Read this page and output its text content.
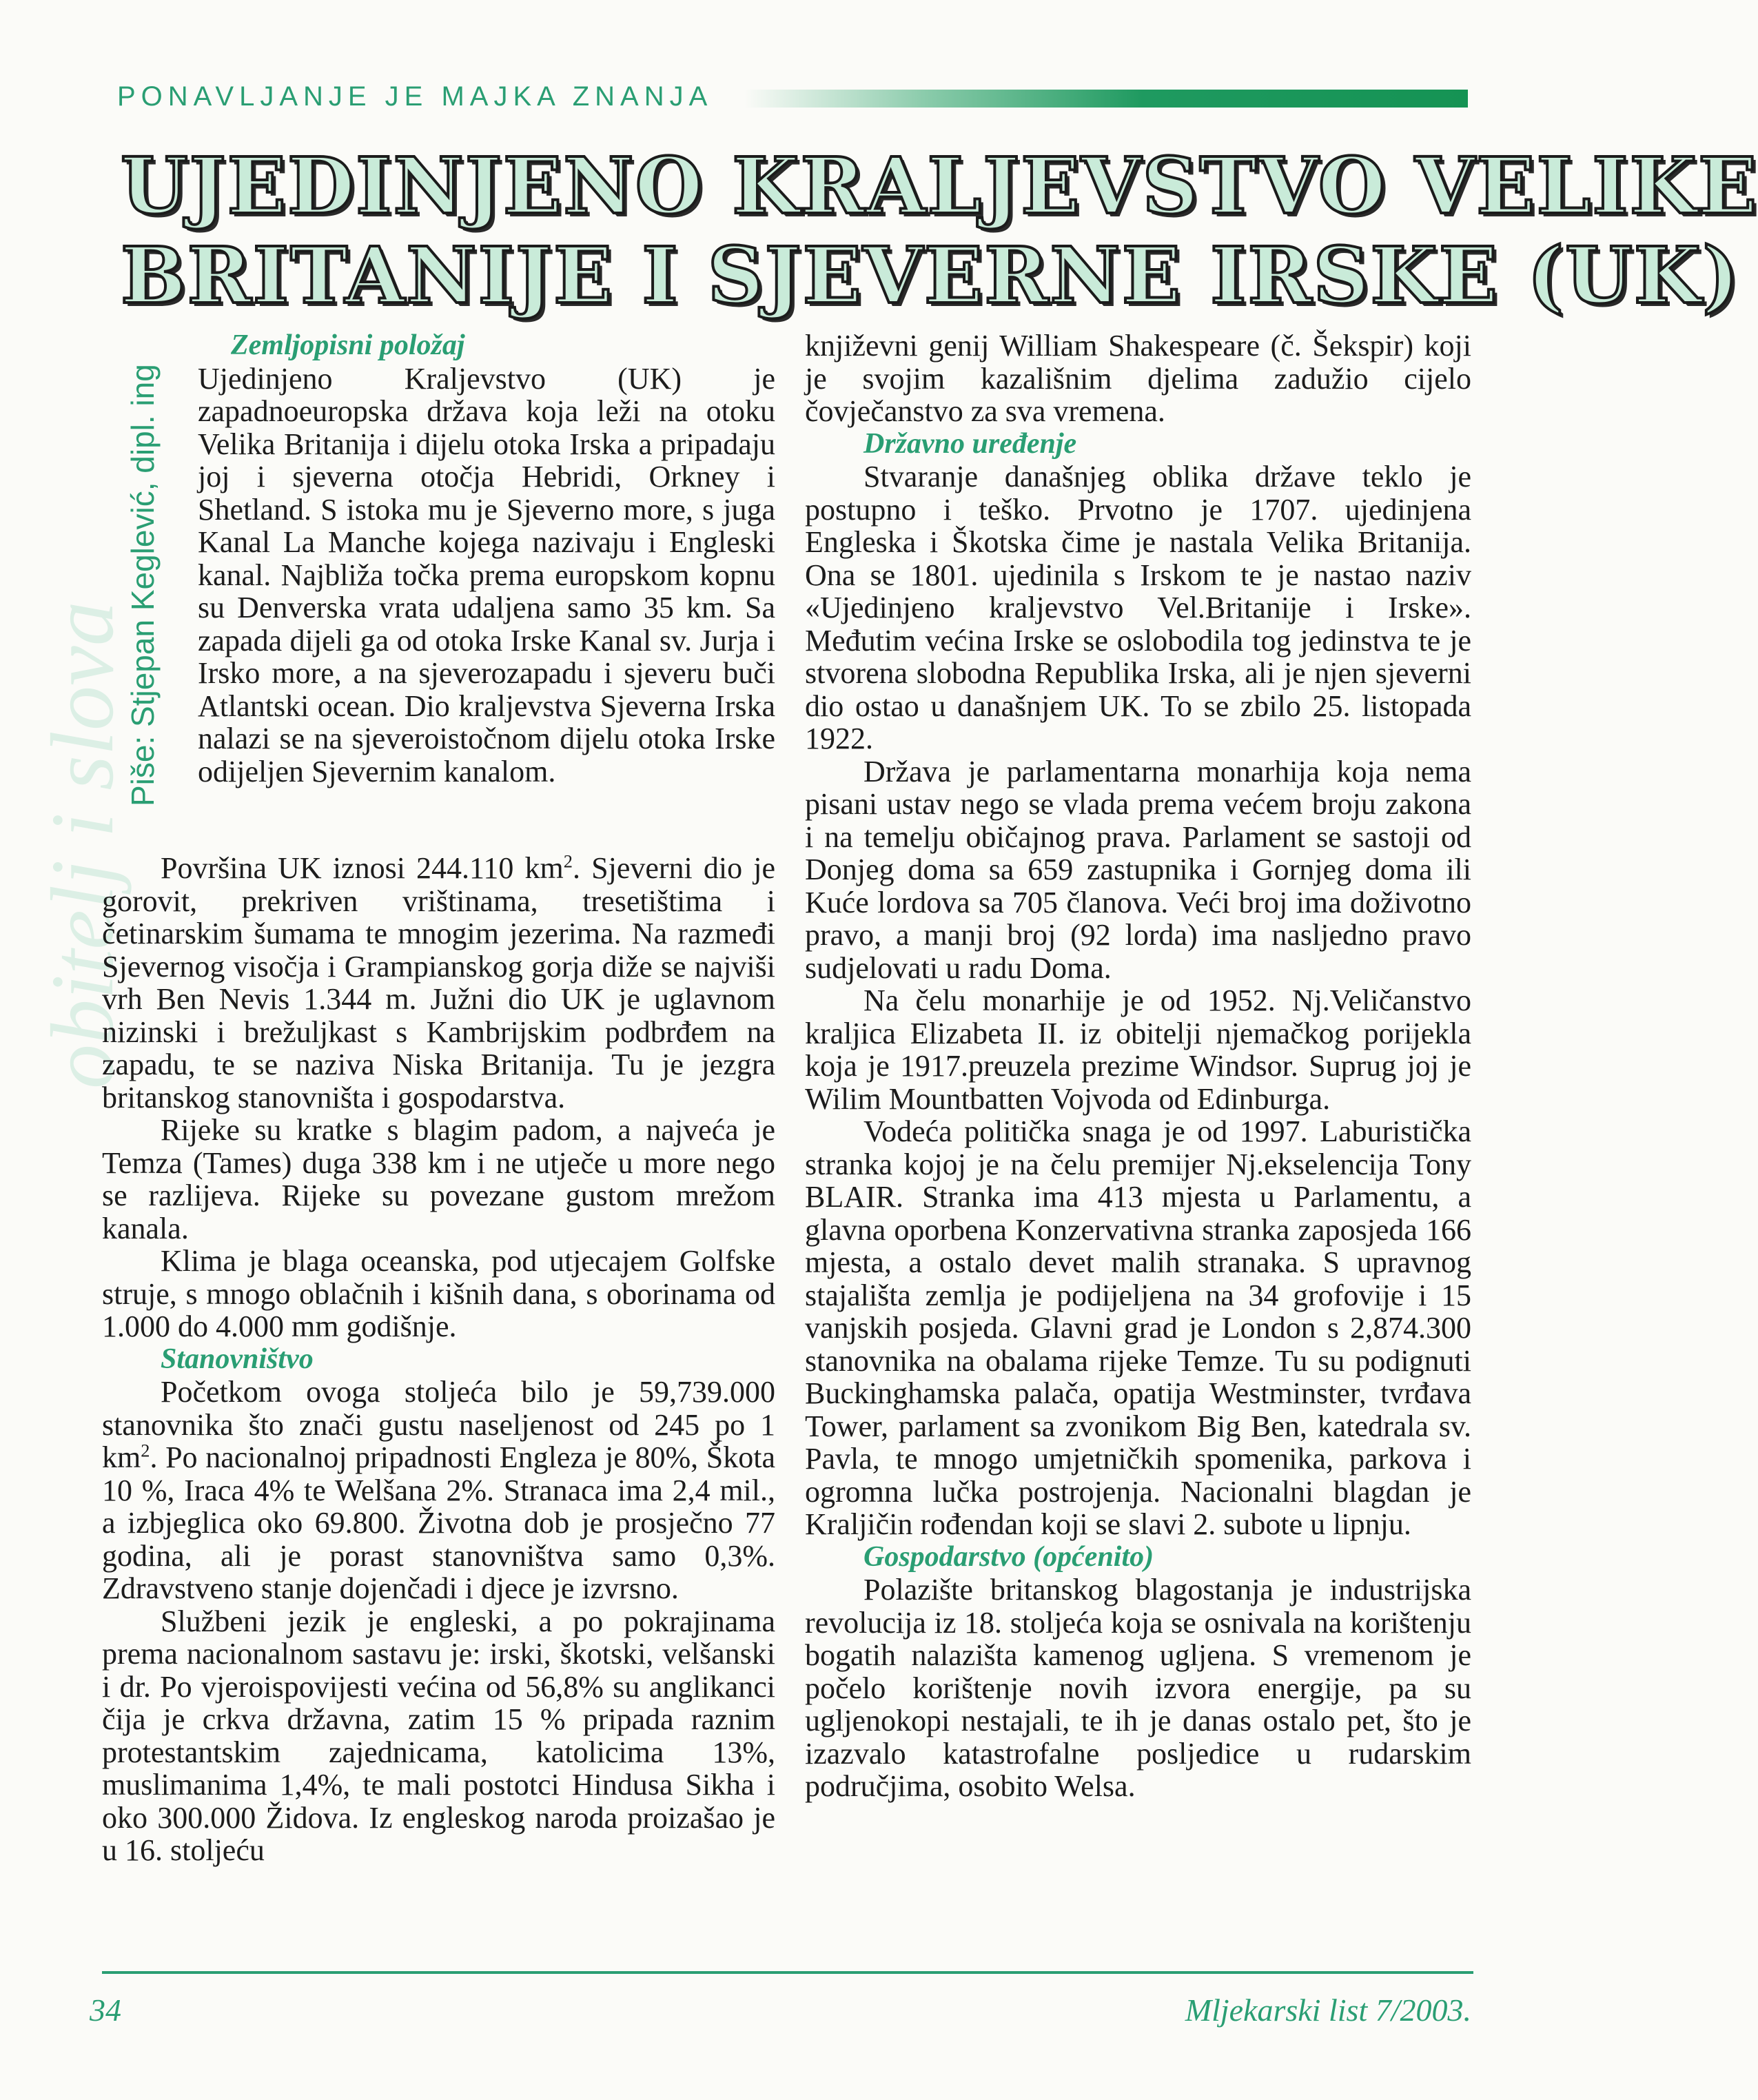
PONAVLJANJE JE MAJKA ZNANJA
obitelj i slova
UJEDINJENO KRALJEVSTVO VELIKE
BRITANIJE I SJEVERNE IRSKE (UK)
Piše: Stjepan Keglević, dipl. ing
Zemljopisni položaj

Ujedinjeno Kraljevstvo (UK) je zapadnoeuropska država koja leži na otoku Velika Britanija i dijelu otoka Irska a pripadaju joj i sjeverna otočja Hebridi, Orkney i Shetland. S istoka mu je Sjeverno more, s juga Kanal La Manche kojega nazivaju i Engleski kanal. Najbliža točka prema europskom kopnu su Denverska vrata udaljena samo 35 km. Sa zapada dijeli ga od otoka Irske Kanal sv. Jurja i Irsko more, a na sjeverozapadu i sjeveru buči Atlantski ocean. Dio kraljevstva Sjeverna Irska nalazi se na sjeveroistočnom dijelu otoka Irske odijeljen Sjevernim kanalom.

Površina UK iznosi 244.110 $km^2$. Sjeverni dio je gorovit, prekriven vrištinama, tresetištima i četinarskim šumama te mnogim jezerima. Na razmeđi Sjevernog visočja i Grampianskog gorja diže se najviši vrh Ben Nevis 1.344 m. Južni dio UK je uglavnom nizinski i brežuljkast s Kambrijskim podbrđem na zapadu, te se naziva Niska Britanija. Tu je jezgra britanskog stanovništa i gospodarstva.

Rijeke su kratke s blagim padom, a najveća je Temza (Tames) duga 338 km i ne utječe u more nego se razlijeva. Rijeke su povezane gustom mrežom kanala.

Klima je blaga oceanska, pod utjecajem Golfske struje, s mnogo oblačnih i kišnih dana, s oborinama od 1.000 do 4.000 mm godišnje.

Stanovništvo

Početkom ovoga stoljeća bilo je 59,739.000 stanovnika što znači gustu naseljenost od 245 po 1 $km^2$. Po nacionalnoj pripadnosti Engleza je 80%, Škota 10 %, Iraca 4% te Welšana 2%. Stranaca ima 2,4 mil., a izbjeglica oko 69.800. Životna dob je prosječno 77 godina, ali je porast stanovništva samo 0,3%. Zdravstveno stanje dojenčadi i djece je izvrsno.

Službeni jezik je engleski, a po pokrajinama prema nacionalnom sastavu je: irski, škotski, velšanski i dr. Po vjeroispovijesti većina od 56,8% su anglikanci čija je crkva državna, zatim 15 % pripada raznim protestantskim zajednicama, katolicima 13%, muslimanima 1,4%, te mali postotci Hindusa Sikha i oko 300.000 Židova. Iz engleskog naroda proizašao je u 16. stoljeću

književni genij William Shakespeare (č. Šekspir) koji je svojim kazališnim djelima zadužio cijelo čovječanstvo za sva vremena.

Državno uređenje

Stvaranje današnjeg oblika države teklo je postupno i teško. Prvotno je 1707. ujedinjena Engleska i Škotska čime je nastala Velika Britanija. Ona se 1801. ujedinila s Irskom te je nastao naziv «Ujedinjeno kraljevstvo Vel.Britanije i Irske». Međutim većina Irske se oslobodila tog jedinstva te je stvorena slobodna Republika Irska, ali je njen sjeverni dio ostao u današnjem UK. To se zbilo 25. listopada 1922.

Država je parlamentarna monarhija koja nema pisani ustav nego se vlada prema većem broju zakona i na temelju običajnog prava. Parlament se sastoji od Donjeg doma sa 659 zastupnika i Gornjeg doma ili Kuće lordova sa 705 članova. Veći broj ima doživotno pravo, a manji broj (92 lorda) ima nasljedno pravo sudjelovati u radu Doma.

Na čelu monarhije je od 1952. Nj.Veličanstvo kraljica Elizabeta II. iz obitelji njemačkog porijekla koja je 1917.preuzela prezime Windsor. Suprug joj je Wilim Mountbatten Vojvoda od Edinburga.

Vodeća politička snaga je od 1997. Laburistička stranka kojoj je na čelu premijer Nj.ekselencija Tony BLAIR. Stranka ima 413 mjesta u Parlamentu, a glavna oporbena Konzervativna stranka zaposjeda 166 mjesta, a ostalo devet malih stranaka. S upravnog stajališta zemlja je podijeljena na 34 grofovije i 15 vanjskih posjeda. Glavni grad je London s 2,874.300 stanovnika na obalama rijeke Temze. Tu su podignuti Buckinghamska palača, opatija Westminster, tvrđava Tower, parlament sa zvonikom Big Ben, katedrala sv. Pavla, te mnogo umjetničkih spomenika, parkova i ogromna lučka postrojenja. Nacionalni blagdan je Kraljičin rođendan koji se slavi 2. subote u lipnju.

Gospodarstvo (općenito)

Polazište britanskog blagostanja je industrijska revolucija iz 18. stoljeća koja se osnivala na korištenju bogatih nalazišta kamenog ugljena. S vremenom je počelo korištenje novih izvora energije, pa su ugljenokopi nestajali, te ih je danas ostalo pet, što je izazvalo katastrofalne posljedice u rudarskim područjima, osobito Welsa.

34	Mljekarski list 7/2003.
